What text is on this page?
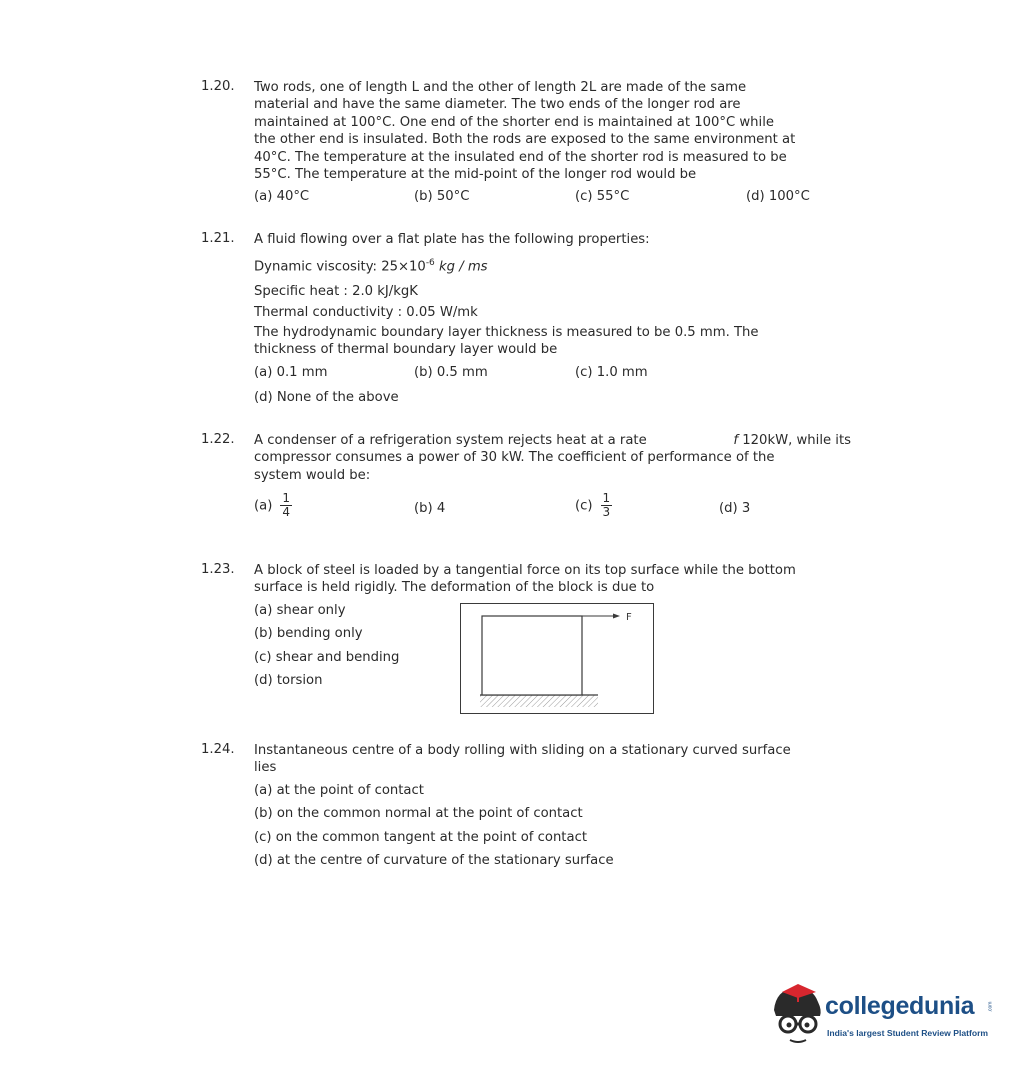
1.20. Two rods, one of length L and the other of length 2L are made of the same
material and have the same diameter. The two ends of the longer rod are
maintained at 100°C. One end of the shorter end is maintained at 100°C while
the other end is insulated. Both the rods are exposed to the same environment at
40°C. The temperature at the insulated end of the shorter rod is measured to be
55°C. The temperature at the mid-point of the longer rod would be
(a) 40°C	(b) 50°C	(c) 55°C	(d) 100°C
1.21. A fluid flowing over a flat plate has the following properties:
Dynamic viscosity: $25\times 10^{-6}$ kg / ms
Specific heat : 2.0 kJ/kgK
Thermal conductivity : 0.05 W/mk
The hydrodynamic boundary layer thickness is measured to be 0.5 mm. The
thickness of thermal boundary layer would be
(a) 0.1 mm	(b) 0.5 mm	(c) 1.0 mm
(d) None of the above
1.22. A condenser of a refrigeration system rejects heat at a rate	f 120kW, while its
compressor consumes a power of 30 kW. The coefficient of performance of the
system would be:
$(a) \frac{1}{4}$	(b) 4	$(c) \frac{1}{3}$	(d) 3
1.23. A block of steel is loaded by a tangential force on its top surface while the bottom
surface is held rigidly. The deformation of the block is due to
(a) shear only
(b) bending only
(c) shear and bending
(d) torsion
F
1.24. Instantaneous centre of a body rolling with sliding on a stationary curved surface
lies
(a) at the point of contact
(b) on the common normal at the point of contact
(c) on the common tangent at the point of contact
(d) at the centre of curvature of the stationary surface
collegedunia	.com
India's largest Student Review Platform
